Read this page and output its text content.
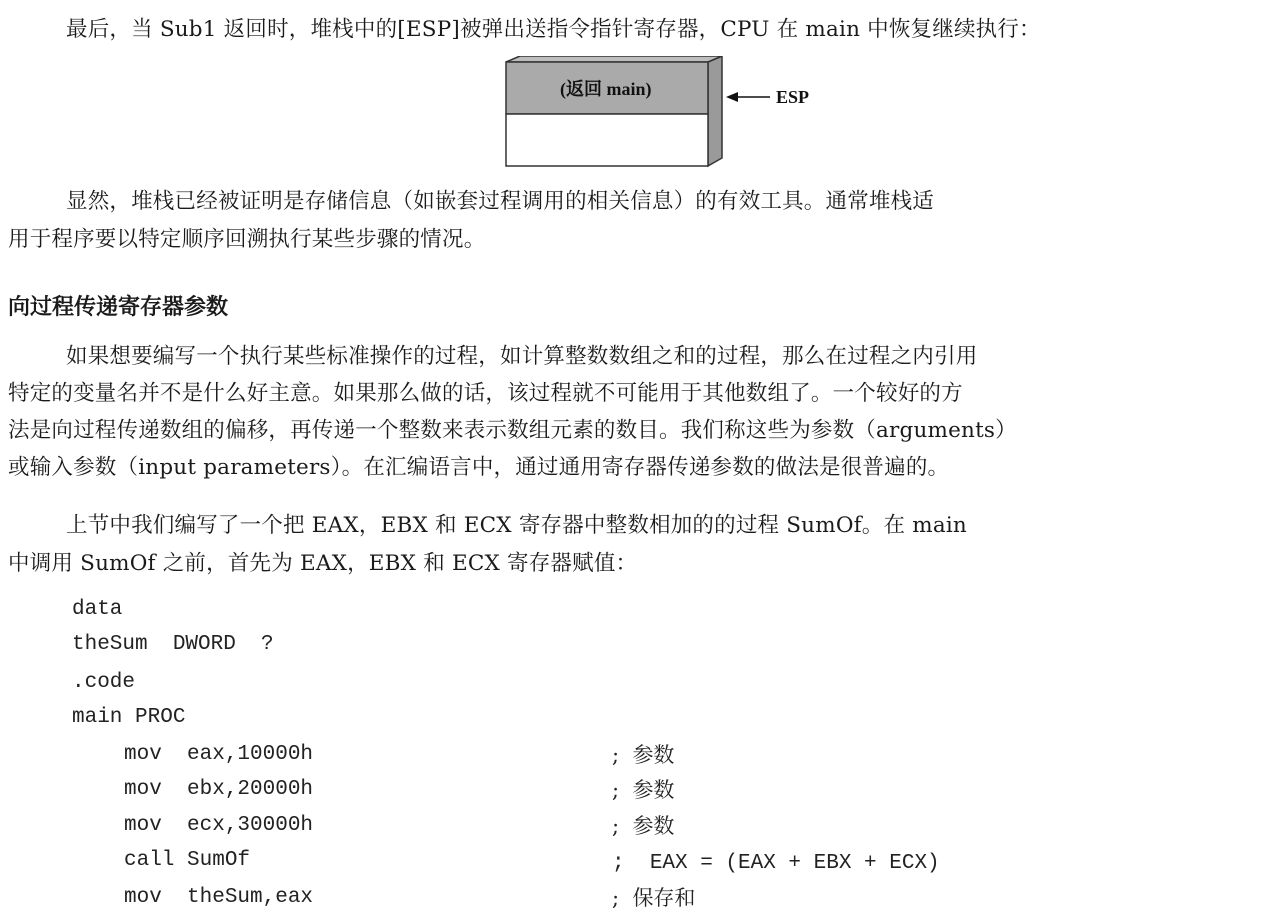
最后，当 Sub1 返回时，堆栈中的[ESP]被弹出送指令指针寄存器，CPU 在 main 中恢复继续执行：

(返回 main)	ESP

显然，堆栈已经被证明是存储信息（如嵌套过程调用的相关信息）的有效工具。通常堆栈适

用于程序要以特定顺序回溯执行某些步骤的情况。

向过程传递寄存器参数

如果想要编写一个执行某些标准操作的过程，如计算整数数组之和的过程，那么在过程之内引用

特定的变量名并不是什么好主意。如果那么做的话，该过程就不可能用于其他数组了。一个较好的方

法是向过程传递数组的偏移，再传递一个整数来表示数组元素的数目。我们称这些为参数（arguments）

或输入参数（input parameters）。在汇编语言中，通过通用寄存器传递参数的做法是很普遍的。

上节中我们编写了一个把 EAX，EBX 和 ECX 寄存器中整数相加的的过程 SumOf。在 main

中调用 SumOf 之前，首先为 EAX，EBX 和 ECX 寄存器赋值：

data
theSum  DWORD  ?
.code
main PROC
mov  eax,10000h	;  参数
mov  ebx,20000h	;  参数
mov  ecx,30000h	;  参数
call SumOf	;  EAX = (EAX + EBX + ECX)
mov  theSum,eax	;  保存和
